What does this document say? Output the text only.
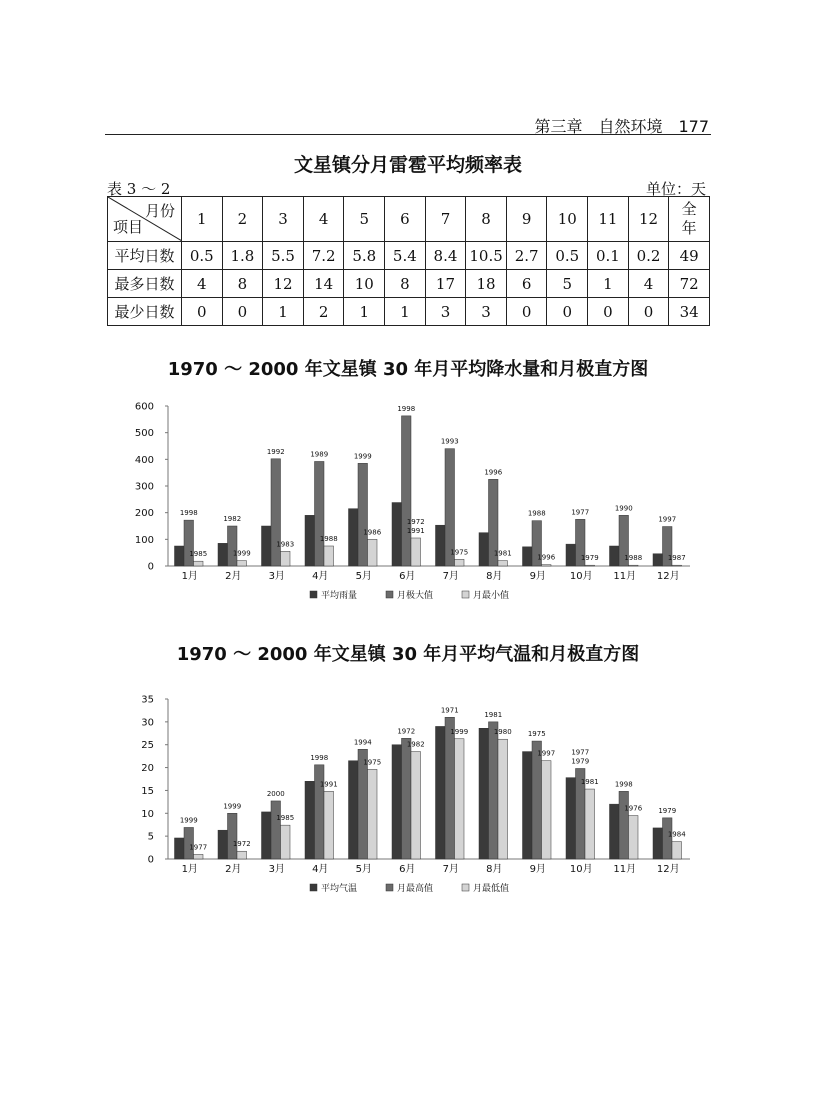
第三章　自然环境　177
文星镇分月雷雹平均频率表
表 3 ～ 2	单位：天
月份
项目	1	2	3	4	5	6	7	8	9	10	11	12	全
年
平均日数	0.5	1.8	5.5	7.2	5.8	5.4	8.4	10.5	2.7	0.5	0.1	0.2	49
最多日数	4	8	12	14	10	8	17	18	6	5	1	4	72
最少日数	0	0	1	2	1	1	3	3	0	0	0	0	34
1970 ～ 2000 年文星镇 30 年月平均降水量和月极直方图
0
100
200
300
400
500
600
1月
1998
1985
2月
1982
1999
3月
1992
1983
4月
1989
1988
5月
1999
1986
6月
1998
1972 1991
7月
1993
1975
8月
1996
1981
9月
1988
1996
10月
1977
1979
11月
1990
1988
12月
1997
1987
平均雨量	月极大值	月最小值
1970 ～ 2000 年文星镇 30 年月平均气温和月极直方图
0
5
10
15
20
25
30
35
1月
1999
1977
2月
1999
1972
3月
2000
1985
4月
1998
1991
5月
1994
1975
6月
1972
1982
7月
1971
1999
8月
1981
1980
9月
1975
1997
10月
1977 1979
1981
11月
1998
1976
12月
1979
1984
平均气温	月最高值	月最低值
